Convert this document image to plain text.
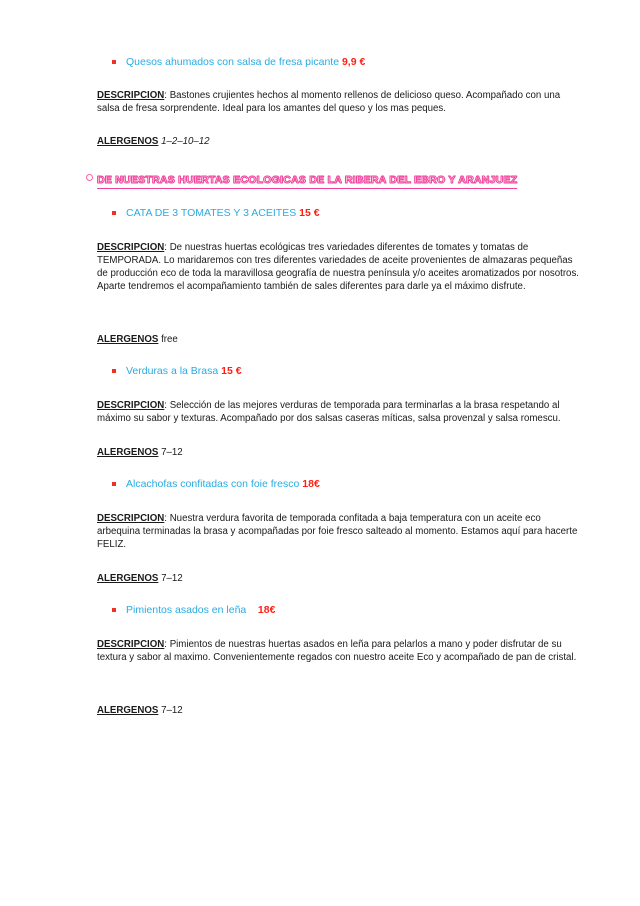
Quesos ahumados con salsa de fresa picante 9,9 €

DESCRIPCION: Bastones crujientes hechos al momento rellenos de delicioso queso. Acompañado con una salsa de fresa sorprendente. Ideal para los amantes del queso y los mas peques.

ALERGENOS 1–2–10–12

DE NUESTRAS HUERTAS ECOLOGICAS DE LA RIBERA DEL EBRO Y ARANJUEZ

CATA DE 3 TOMATES Y 3 ACEITES 15 €

DESCRIPCION: De nuestras huertas ecológicas tres variedades diferentes de tomates y tomatas de TEMPORADA. Lo maridaremos con tres diferentes variedades de aceite provenientes de almazaras pequeñas de producción eco de toda la maravillosa geografía de nuestra península y/o aceites aromatizados por nosotros. Aparte tendremos el acompañamiento también de sales diferentes para darle ya el máximo disfrute.

ALERGENOS free

Verduras a la Brasa 15 €

DESCRIPCION: Selección de las mejores verduras de temporada para terminarlas a la brasa respetando al máximo su sabor y texturas. Acompañado por dos salsas caseras míticas, salsa provenzal y salsa romescu.

ALERGENOS 7–12

Alcachofas confitadas con foie fresco 18€

DESCRIPCION: Nuestra verdura favorita de temporada confitada a baja temperatura con un aceite eco arbequina terminadas la brasa y acompañadas por foie fresco salteado al momento. Estamos aquí para hacerte FELIZ.

ALERGENOS 7–12

Pimientos asados en leña    18€

DESCRIPCION: Pimientos de nuestras huertas asados en leña para pelarlos a mano y poder disfrutar de su textura y sabor al maximo. Convenientemente regados con nuestro aceite Eco y acompañado de pan de cristal.

ALERGENOS 7–12
